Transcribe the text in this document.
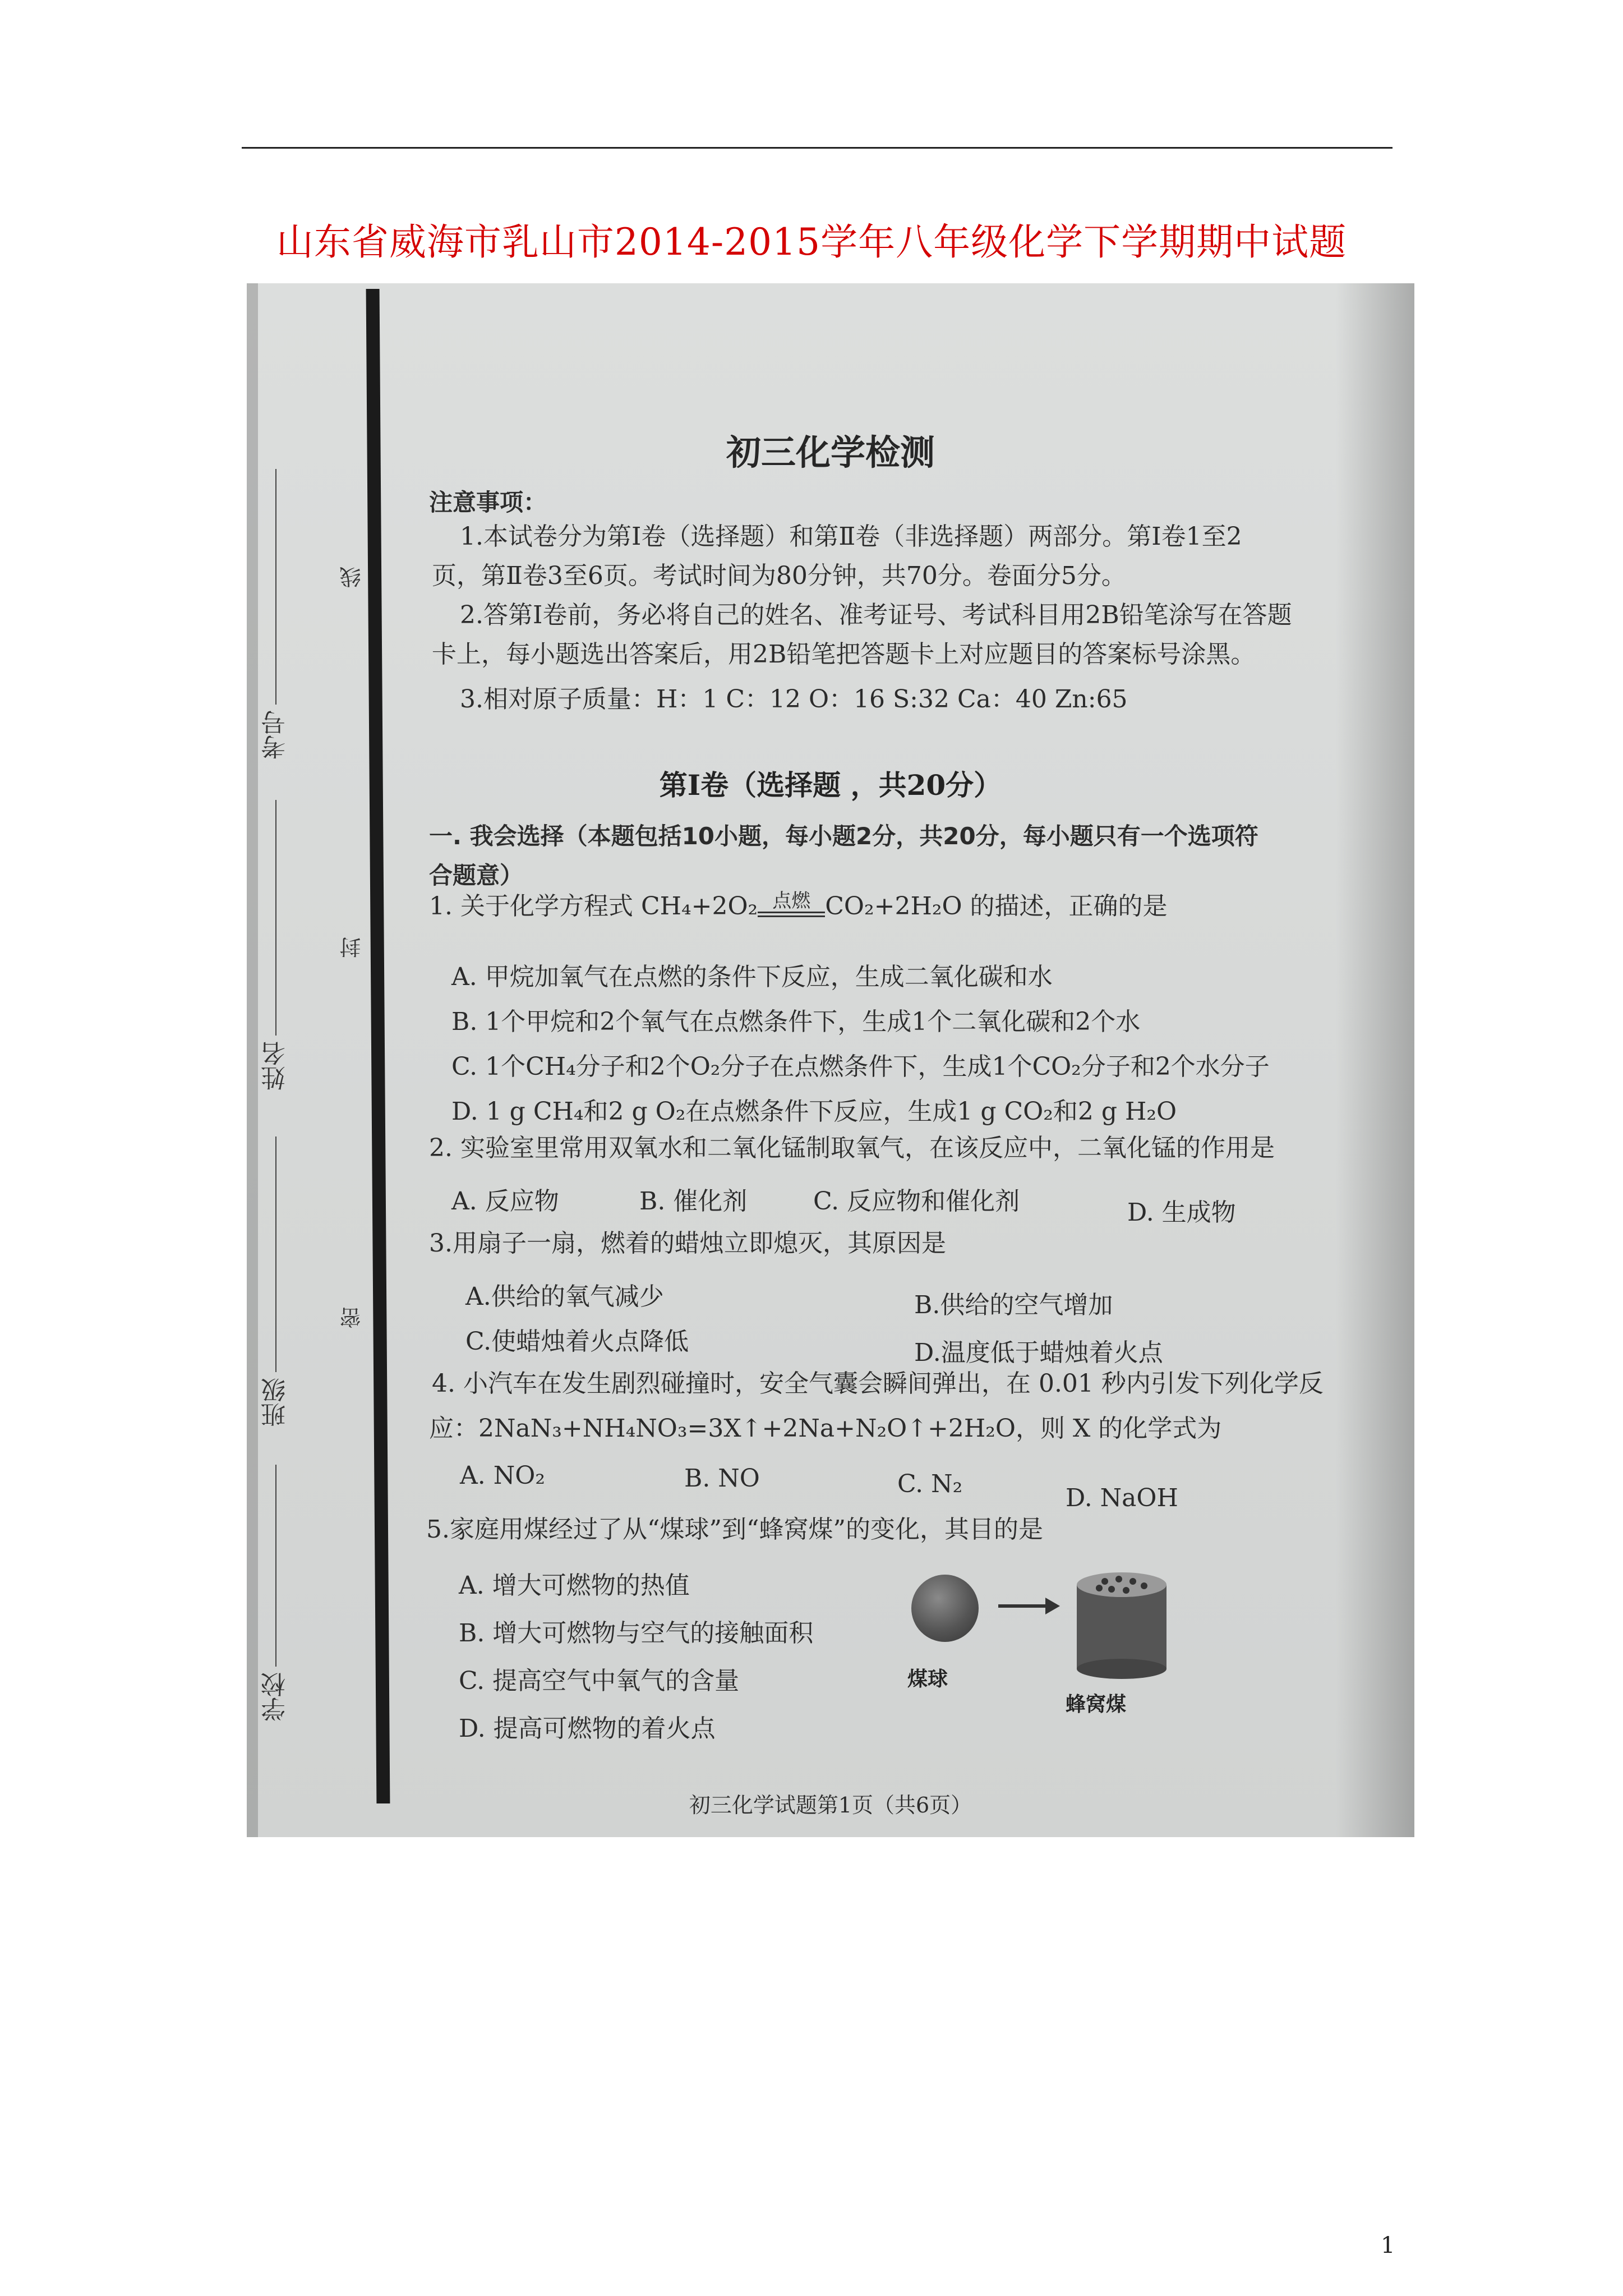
山东省威海市乳山市2014-2015学年八年级化学下学期期中试题
考号
姓名
班级
学校
线
封
密
初三化学检测
注意事项：
1.本试卷分为第Ⅰ卷（选择题）和第Ⅱ卷（非选择题）两部分。第Ⅰ卷1至2
页，第Ⅱ卷3至6页。考试时间为80分钟，共70分。卷面分5分。
2.答第Ⅰ卷前，务必将自己的姓名、准考证号、考试科目用2B铅笔涂写在答题
卡上，每小题选出答案后，用2B铅笔把答题卡上对应题目的答案标号涂黑。
3.相对原子质量：H：1 C：12 O：16 S:32 Ca：40 Zn:65
第Ⅰ卷（选择题 ，共20分）
一. 我会选择（本题包括10小题，每小题2分，共20分，每小题只有一个选项符
合题意）
1. 关于化学方程式 CH₄+2O₂ 点燃 CO₂+2H₂O 的描述，正确的是
A. 甲烷加氧气在点燃的条件下反应，生成二氧化碳和水
B. 1个甲烷和2个氧气在点燃条件下，生成1个二氧化碳和2个水
C. 1个CH₄分子和2个O₂分子在点燃条件下，生成1个CO₂分子和2个水分子
D. 1 g CH₄和2 g O₂在点燃条件下反应，生成1 g CO₂和2 g H₂O
2. 实验室里常用双氧水和二氧化锰制取氧气，在该反应中，二氧化锰的作用是
A. 反应物	B. 催化剂	C. 反应物和催化剂	D. 生成物
3.用扇子一扇，燃着的蜡烛立即熄灭，其原因是
A.供给的氧气减少	B.供给的空气增加
C.使蜡烛着火点降低	D.温度低于蜡烛着火点
4. 小汽车在发生剧烈碰撞时，安全气囊会瞬间弹出，在 0.01 秒内引发下列化学反
应：2NaN₃+NH₄NO₃=3X↑+2Na+N₂O↑+2H₂O，则 X 的化学式为
A. NO₂	B. NO	C. N₂	D. NaOH
5.家庭用煤经过了从“煤球”到“蜂窝煤”的变化，其目的是
A. 增大可燃物的热值
B. 增大可燃物与空气的接触面积
C. 提高空气中氧气的含量
D. 提高可燃物的着火点
煤球
蜂窝煤
初三化学试题第1页（共6页）
1
